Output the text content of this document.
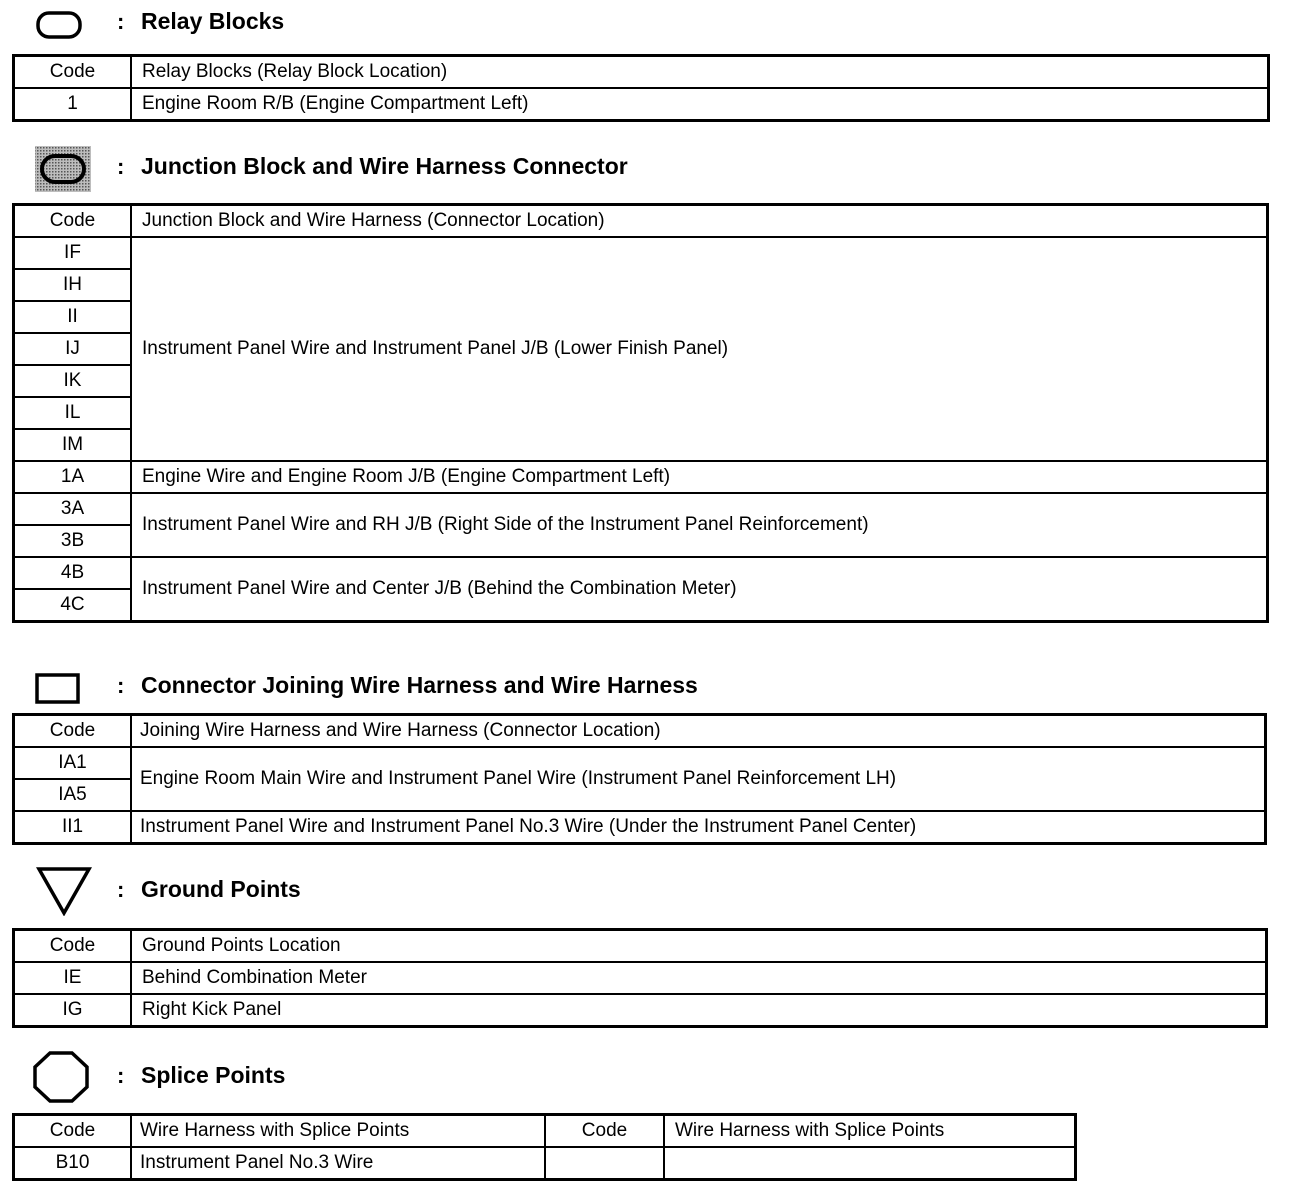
: Relay Blocks
Code	Relay Blocks (Relay Block Location)
1	Engine Room R/B (Engine Compartment Left)
: Junction Block and Wire Harness Connector
Code	Junction Block and Wire Harness (Connector Location)
IF	Instrument Panel Wire and Instrument Panel J/B (Lower Finish Panel)
IH	
II	
IJ	
IK	
IL	
IM	
1A	Engine Wire and Engine Room J/B (Engine Compartment Left)
3A	Instrument Panel Wire and RH J/B (Right Side of the Instrument Panel Reinforcement)
3B	
4B	Instrument Panel Wire and Center J/B (Behind the Combination Meter)
4C	
: Connector Joining Wire Harness and Wire Harness
Code	Joining Wire Harness and Wire Harness (Connector Location)
IA1	Engine Room Main Wire and Instrument Panel Wire (Instrument Panel Reinforcement LH)
IA5	
II1	Instrument Panel Wire and Instrument Panel No.3 Wire (Under the Instrument Panel Center)
: Ground Points
Code	Ground Points Location
IE	Behind Combination Meter
IG	Right Kick Panel
: Splice Points
Code	Wire Harness with Splice Points	Code	Wire Harness with Splice Points
B10	Instrument Panel No.3 Wire		
